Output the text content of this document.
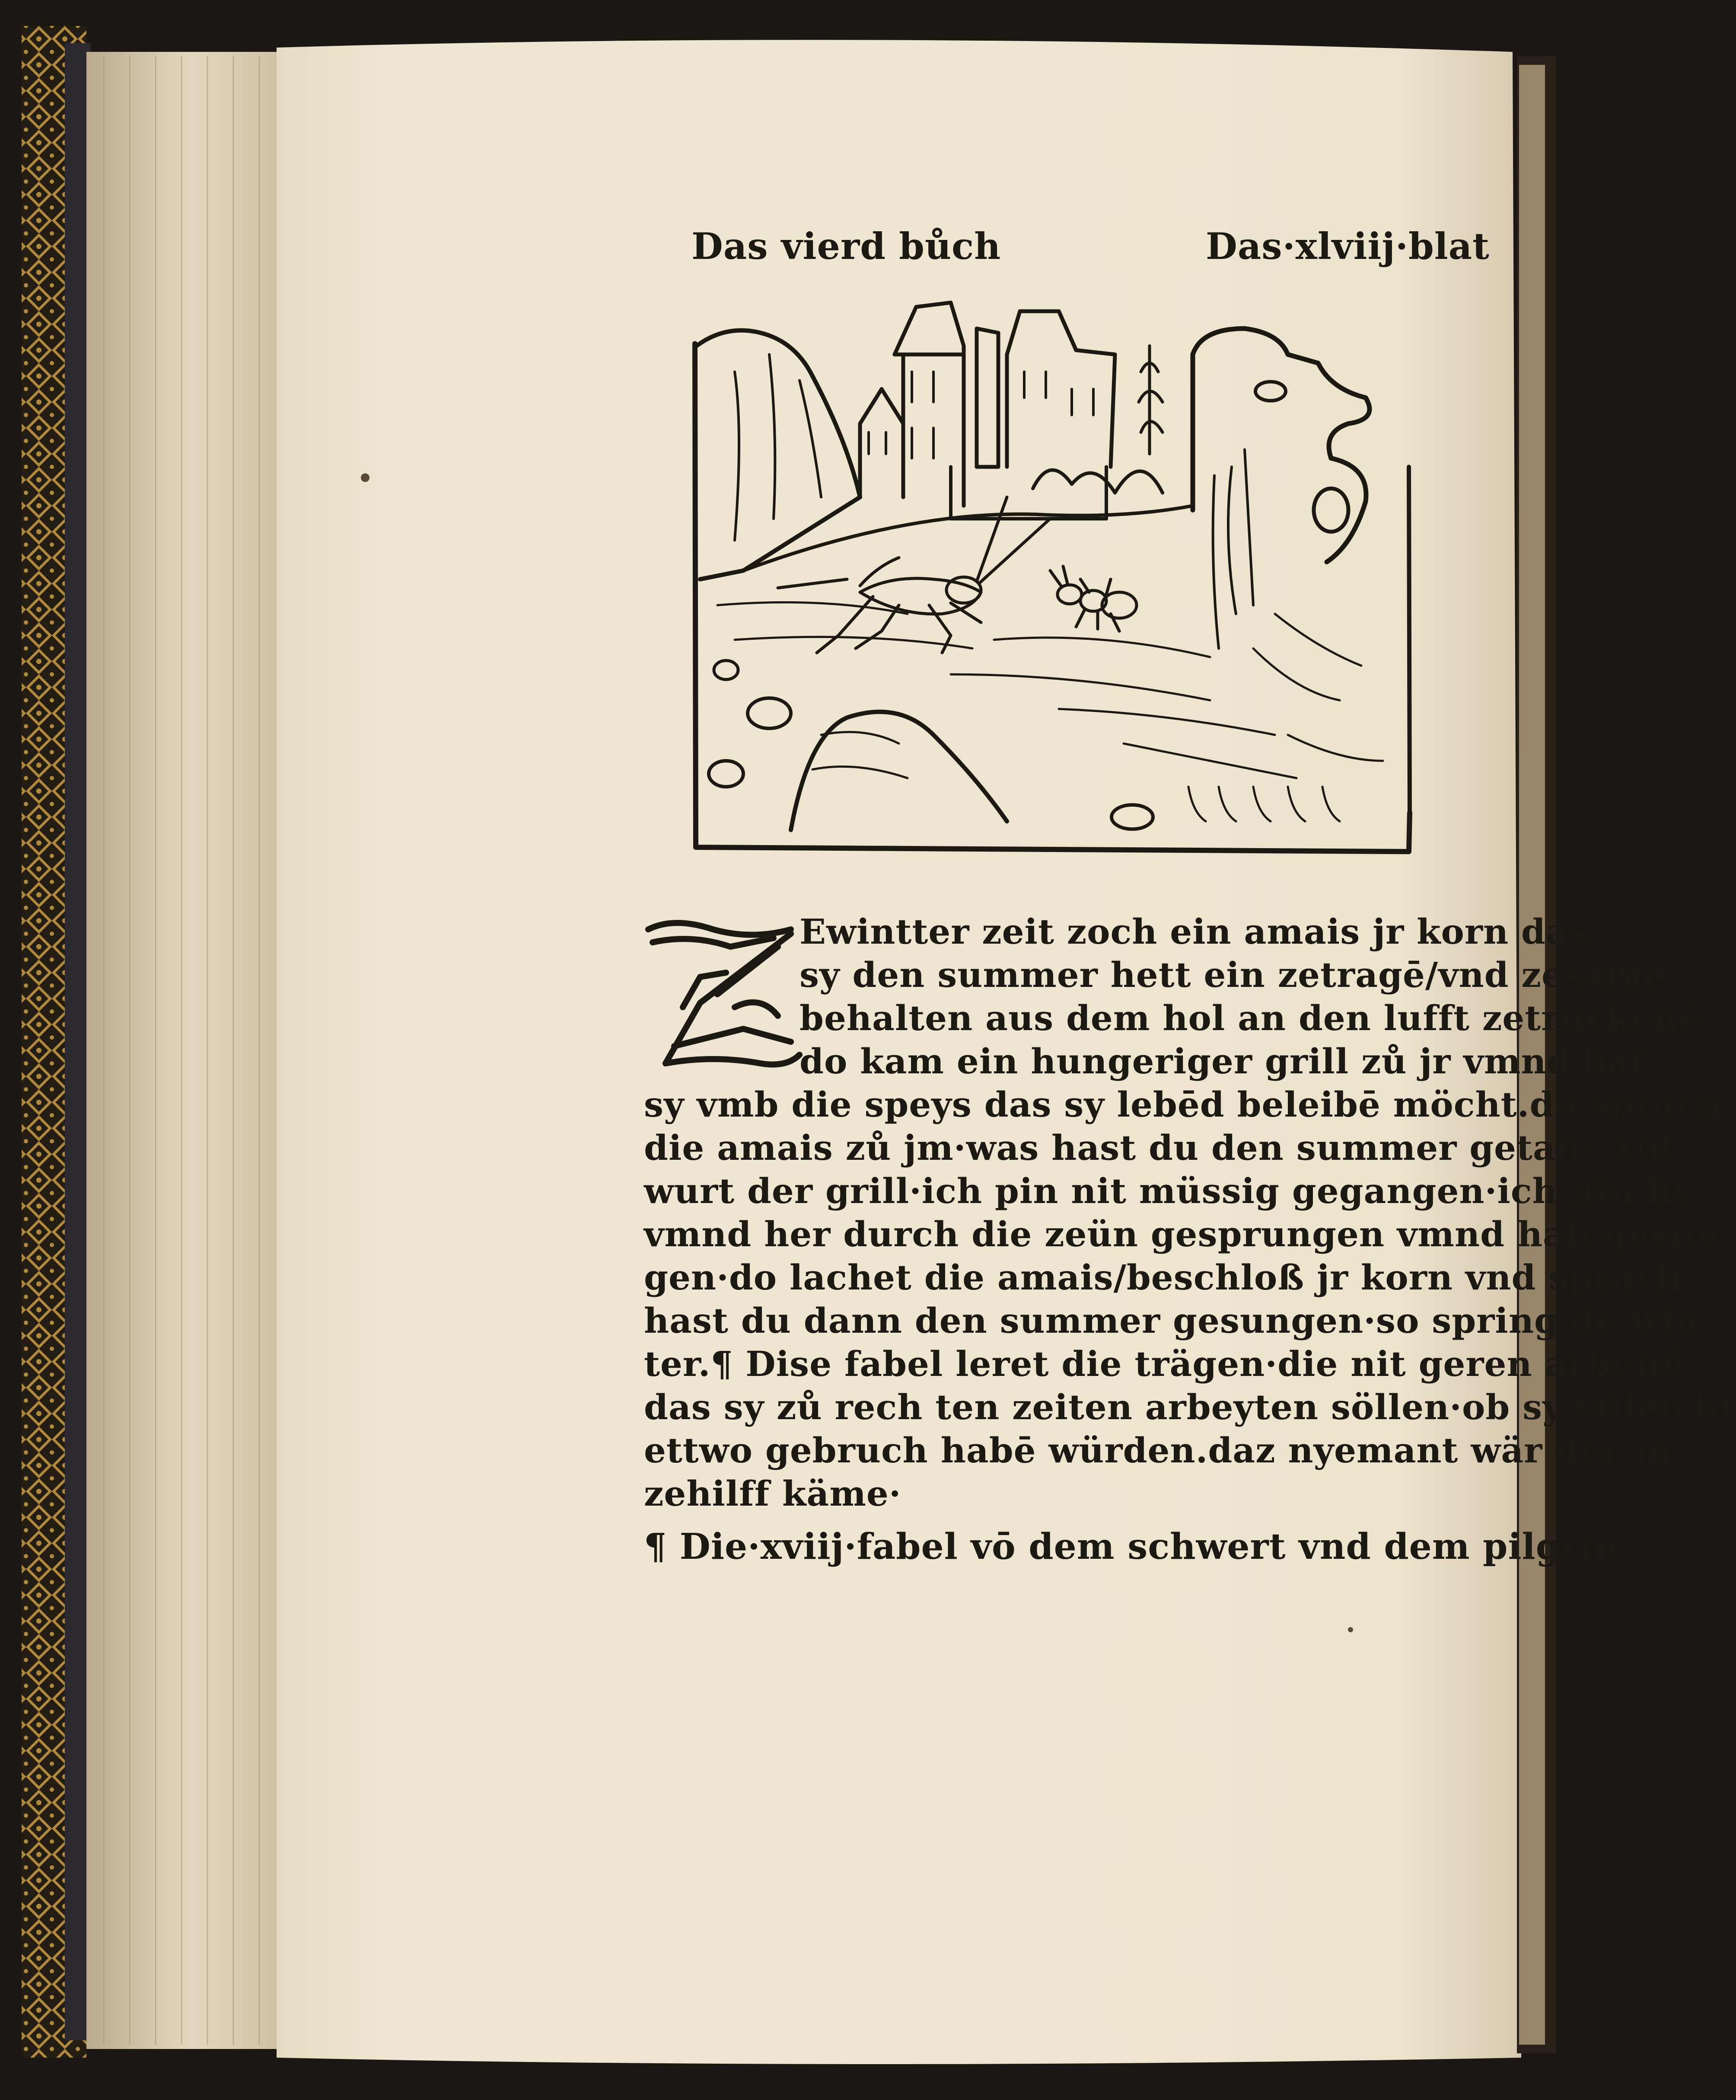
Das vierd bůch	Das·xlviij·blat
Ewintter zeit zoch ein amais jr korn das
sy den summer hett ein zetragē/vnd zesamē
behalten aus dem hol an den lufft zetrückenē
do kam ein hungeriger grill zů jr vmnd bat
sy vmb die speys das sy lebēd beleibē möcht.do sprach
die amais zů jm·was hast du den summer getan/ Ant
wurt der grill·ich pin nit müssig gegangen·ich pin hy
vmnd her durch die zeün gesprungen vmnd hab gesun
gen·do lachet die amais/beschloß jr korn vnd sprach.
hast du dann den summer gesungen·so spring dē win
ter.¶ Dise fabel leret die trägen·die nit geren arbeitē
das sy zů rech ten zeiten arbeyten söllen·ob sy villeicht
ettwo gebruch habē würden.daz nyemant wär der in
zehilff käme·
¶ Die·xviij·fabel vō dem schwert vnd dem pilgrin
